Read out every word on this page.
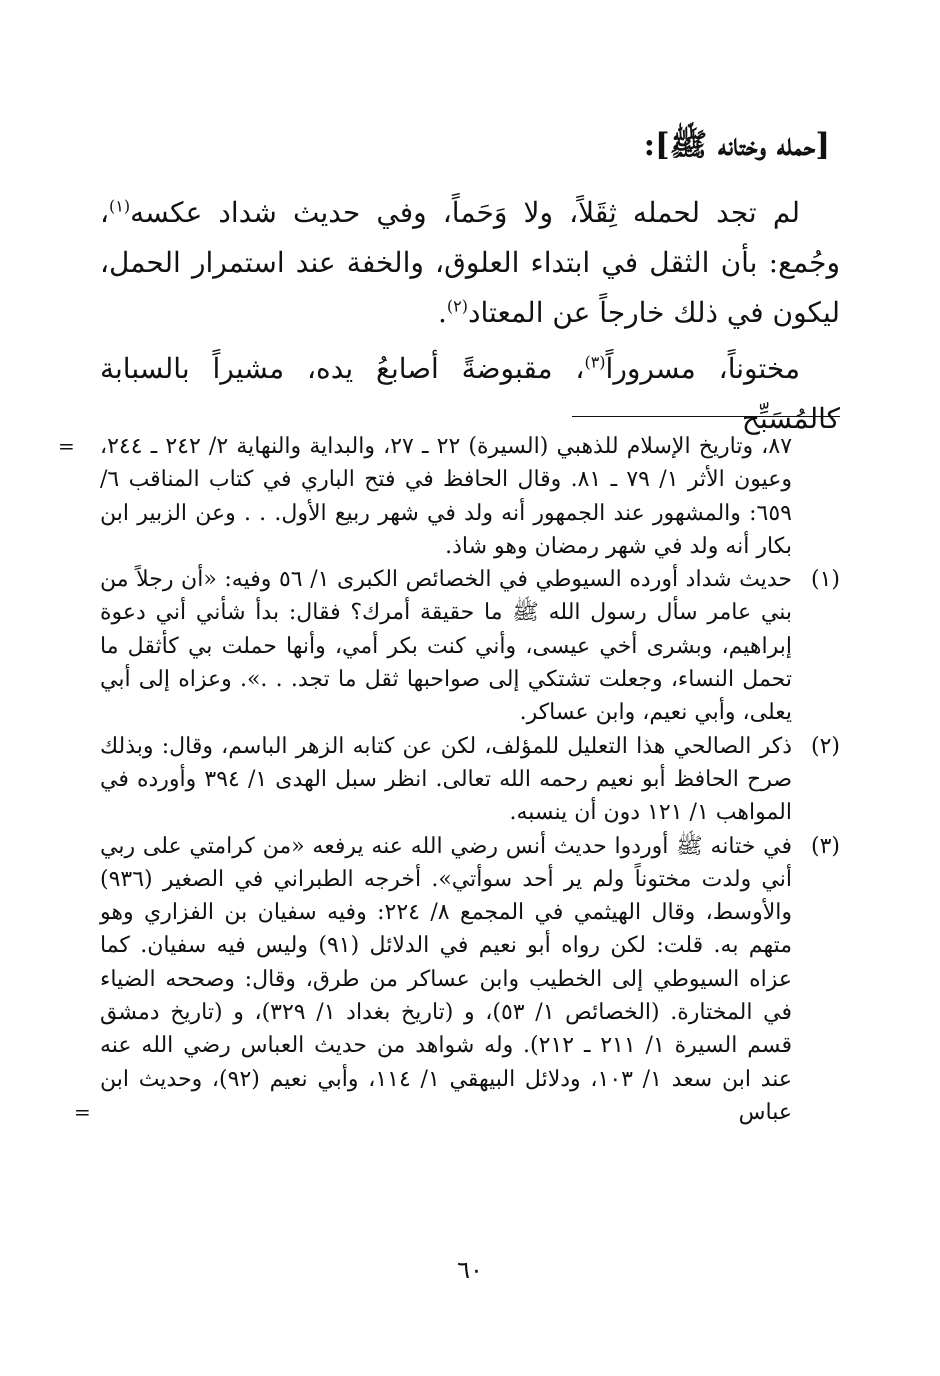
[حمله وختانه ﷺ]:

لم تجد لحمله ثِقَلاً، ولا وَحَماً، وفي حديث شداد عكسه$^{(١)}$، وجُمع: بأن الثقل في ابتداء العلوق، والخفة عند استمرار الحمل، ليكون في ذلك خارجاً عن المعتاد$^{(٢)}$.

مختوناً، مسروراً$^{(٣)}$، مقبوضةً أصابعُ يده، مشيراً بالسبابة كالمُسَبِّح

= ٨٧، وتاريخ الإسلام للذهبي (السيرة) ٢٢ ـ ٢٧، والبداية والنهاية ٢/ ٢٤٢ ـ ٢٤٤، وعيون الأثر ١/ ٧٩ ـ ٨١. وقال الحافظ في فتح الباري في كتاب المناقب ٦/ ٦٥٩: والمشهور عند الجمهور أنه ولد في شهر ربيع الأول. . . وعن الزبير ابن بكار أنه ولد في شهر رمضان وهو شاذ.
(١)
حديث شداد أورده السيوطي في الخصائص الكبرى ١/ ٥٦ وفيه: «أن رجلاً من بني عامر سأل رسول الله ﷺ ما حقيقة أمرك؟ فقال: بدأ شأني أني دعوة إبراهيم، وبشرى أخي عيسى، وأني كنت بكر أمي، وأنها حملت بي كأثقل ما تحمل النساء، وجعلت تشتكي إلى صواحبها ثقل ما تجد. . .». وعزاه إلى أبي يعلى، وأبي نعيم، وابن عساكر.
(٢)
ذكر الصالحي هذا التعليل للمؤلف، لكن عن كتابه الزهر الباسم، وقال: وبذلك صرح الحافظ أبو نعيم رحمه الله تعالى. انظر سبل الهدى ١/ ٣٩٤ وأورده في المواهب ١/ ١٢١ دون أن ينسبه.
(٣)
في ختانه ﷺ أوردوا حديث أنس رضي الله عنه يرفعه «من كرامتي على ربي أني ولدت مختوناً ولم ير أحد سوأتي». أخرجه الطبراني في الصغير (٩٣٦) والأوسط، وقال الهيثمي في المجمع ٨/ ٢٢٤: وفيه سفيان بن الفزاري وهو متهم به. قلت: لكن رواه أبو نعيم في الدلائل (٩١) وليس فيه سفيان. كما عزاه السيوطي إلى الخطيب وابن عساكر من طرق، وقال: وصححه الضياء في المختارة. (الخصائص ١/ ٥٣)، و (تاريخ بغداد ١/ ٣٢٩)، و (تاريخ دمشق قسم السيرة ١/ ٢١١ ـ ٢١٢). وله شواهد من حديث العباس رضي الله عنه عند ابن سعد ١/ ١٠٣، ودلائل البيهقي ١/ ١١٤، وأبي نعيم (٩٢)، وحديث ابن عباس
=
٦٠
